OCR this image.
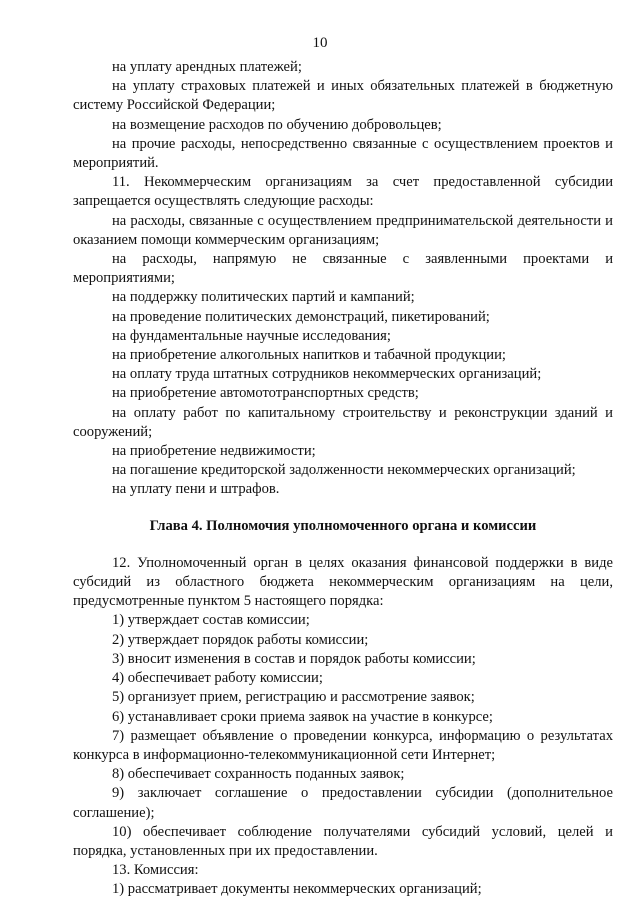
10

на уплату арендных платежей;

на уплату страховых платежей и иных обязательных платежей в бюджетную систему Российской Федерации;

на возмещение расходов по обучению добровольцев;

на прочие расходы, непосредственно связанные с осуществлением проектов и мероприятий.

11. Некоммерческим организациям за счет предоставленной субсидии запрещается осуществлять следующие расходы:

на расходы, связанные с осуществлением предпринимательской деятельности и оказанием помощи коммерческим организациям;

на расходы, напрямую не связанные с заявленными проектами и мероприятиями;

на поддержку политических партий и кампаний;

на проведение политических демонстраций, пикетирований;

на фундаментальные научные исследования;

на приобретение алкогольных напитков и табачной продукции;

на оплату труда штатных сотрудников некоммерческих организаций;

на приобретение автомототранспортных средств;

на оплату работ по капитальному строительству и реконструкции зданий и сооружений;

на приобретение недвижимости;

на погашение кредиторской задолженности некоммерческих организаций;

на уплату пени и штрафов.

Глава 4. Полномочия уполномоченного органа и комиссии

12. Уполномоченный орган в целях оказания финансовой поддержки в виде субсидий из областного бюджета некоммерческим организациям на цели, предусмотренные пунктом 5 настоящего порядка:

1) утверждает состав комиссии;

2) утверждает порядок работы комиссии;

3) вносит изменения в состав и порядок работы комиссии;

4) обеспечивает работу комиссии;

5) организует прием, регистрацию и рассмотрение заявок;

6) устанавливает сроки приема заявок на участие в конкурсе;

7) размещает объявление о проведении конкурса, информацию о результатах конкурса в информационно-телекоммуникационной сети Интернет;

8) обеспечивает сохранность поданных заявок;

9) заключает соглашение о предоставлении субсидии (дополнительное соглашение);

10) обеспечивает соблюдение получателями субсидий условий, целей и порядка, установленных при их предоставлении.

13. Комиссия:

1) рассматривает документы некоммерческих организаций;
